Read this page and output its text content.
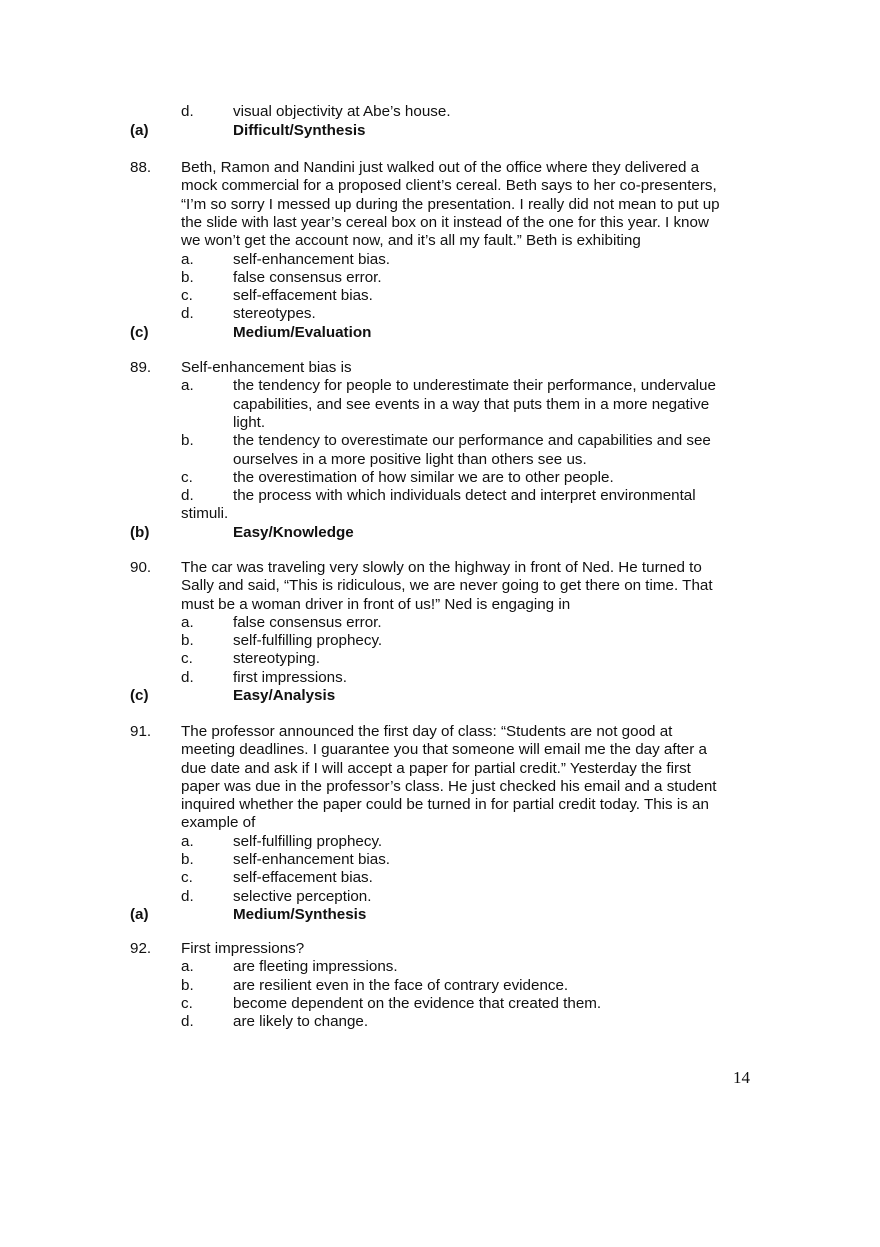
d.	visual objectivity at Abe’s house.
(a)	Difficult/Synthesis
88. Beth, Ramon and Nandini just walked out of the office where they delivered a
mock commercial for a proposed client’s cereal. Beth says to her co-presenters,
“I’m so sorry I messed up during the presentation. I really did not mean to put up
the slide with last year’s cereal box on it instead of the one for this year. I know
we won’t get the account now, and it’s all my fault.” Beth is exhibiting
a.	self-enhancement bias.
b.	false consensus error.
c.	self-effacement bias.
d.	stereotypes.
(c)	Medium/Evaluation
89. Self-enhancement bias is
a.	the tendency for people to underestimate their performance, undervalue
capabilities, and see events in a way that puts them in a more negative
light.
b.	the tendency to overestimate our performance and capabilities and see
ourselves in a more positive light than others see us.
c.	the overestimation of how similar we are to other people.
d.	the process with which individuals detect and interpret environmental
stimuli.
(b)	Easy/Knowledge
90. The car was traveling very slowly on the highway in front of Ned. He turned to
Sally and said, “This is ridiculous, we are never going to get there on time. That
must be a woman driver in front of us!” Ned is engaging in
a.	false consensus error.
b.	self-fulfilling prophecy.
c.	stereotyping.
d.	first impressions.
(c)	Easy/Analysis
91. The professor announced the first day of class: “Students are not good at
meeting deadlines. I guarantee you that someone will email me the day after a
due date and ask if I will accept a paper for partial credit.” Yesterday the first
paper was due in the professor’s class. He just checked his email and a student
inquired whether the paper could be turned in for partial credit today. This is an
example of
a.	self-fulfilling prophecy.
b.	self-enhancement bias.
c.	self-effacement bias.
d.	selective perception.
(a)	Medium/Synthesis
92. First impressions?
a.	are fleeting impressions.
b.	are resilient even in the face of contrary evidence.
c.	become dependent on the evidence that created them.
d.	are likely to change.
14
